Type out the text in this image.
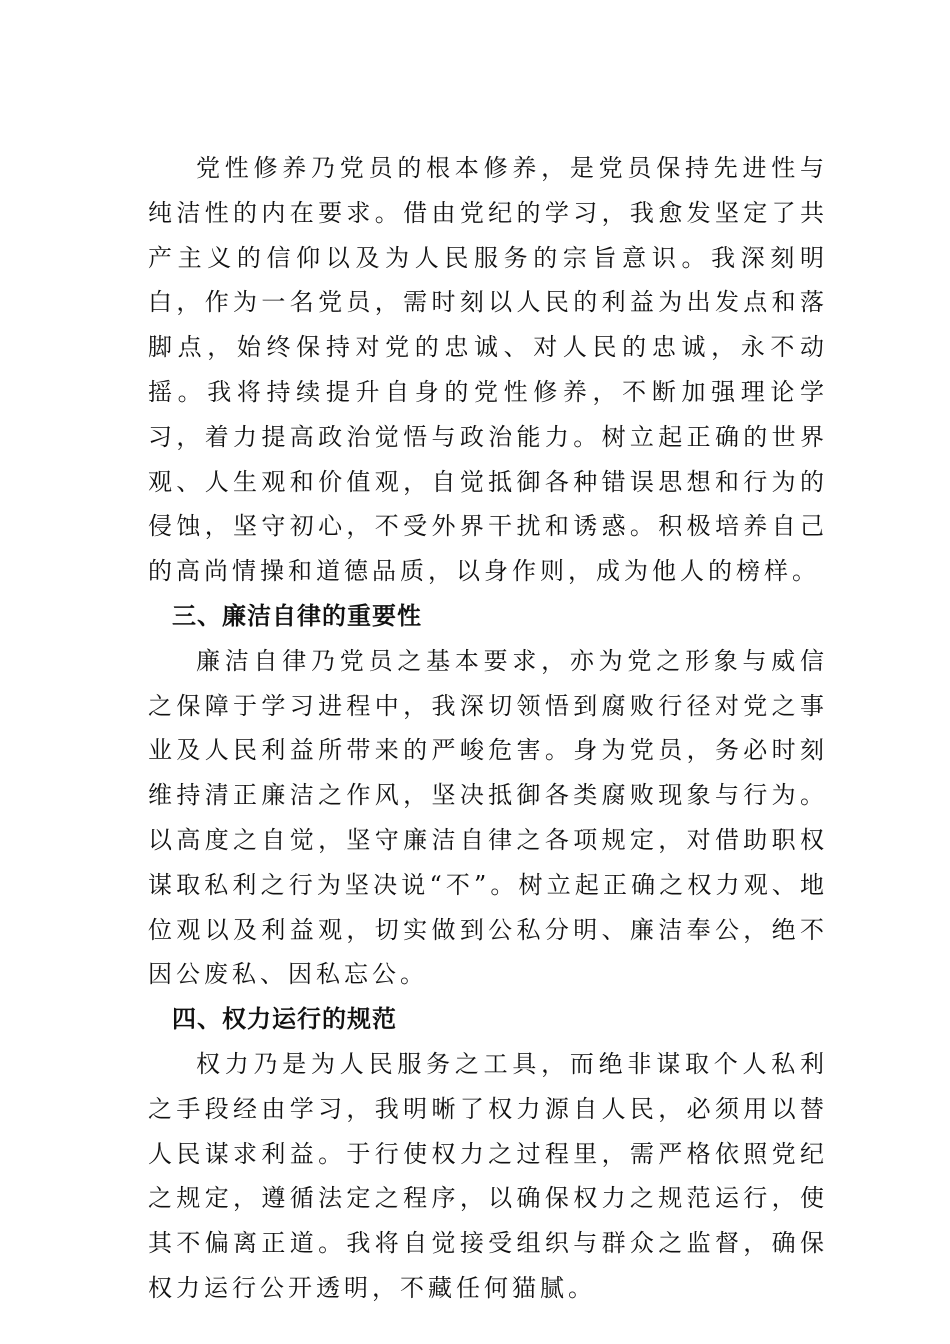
党性修养乃党员的根本修养，是党员保持先进性与纯洁性的内在要求。借由党纪的学习，我愈发坚定了共产主义的信仰以及为人民服务的宗旨意识。我深刻明白，作为一名党员，需时刻以人民的利益为出发点和落脚点，始终保持对党的忠诚、对人民的忠诚，永不动摇。我将持续提升自身的党性修养，不断加强理论学习，着力提高政治觉悟与政治能力。树立起正确的世界观、人生观和价值观，自觉抵御各种错误思想和行为的侵蚀，坚守初心，不受外界干扰和诱惑。积极培养自己的高尚情操和道德品质，以身作则，成为他人的榜样。

三、廉洁自律的重要性

廉洁自律乃党员之基本要求，亦为党之形象与威信之保障于学习进程中，我深切领悟到腐败行径对党之事业及人民利益所带来的严峻危害。身为党员，务必时刻维持清正廉洁之作风，坚决抵御各类腐败现象与行为。以高度之自觉，坚守廉洁自律之各项规定，对借助职权谋取私利之行为坚决说“不”。树立起正确之权力观、地位观以及利益观，切实做到公私分明、廉洁奉公，绝不因公废私、因私忘公。

四、权力运行的规范

权力乃是为人民服务之工具，而绝非谋取个人私利之手段经由学习，我明晰了权力源自人民，必须用以替人民谋求利益。于行使权力之过程里，需严格依照党纪之规定，遵循法定之程序，以确保权力之规范运行，使其不偏离正道。我将自觉接受组织与群众之监督，确保权力运行公开透明，不藏任何猫腻。
